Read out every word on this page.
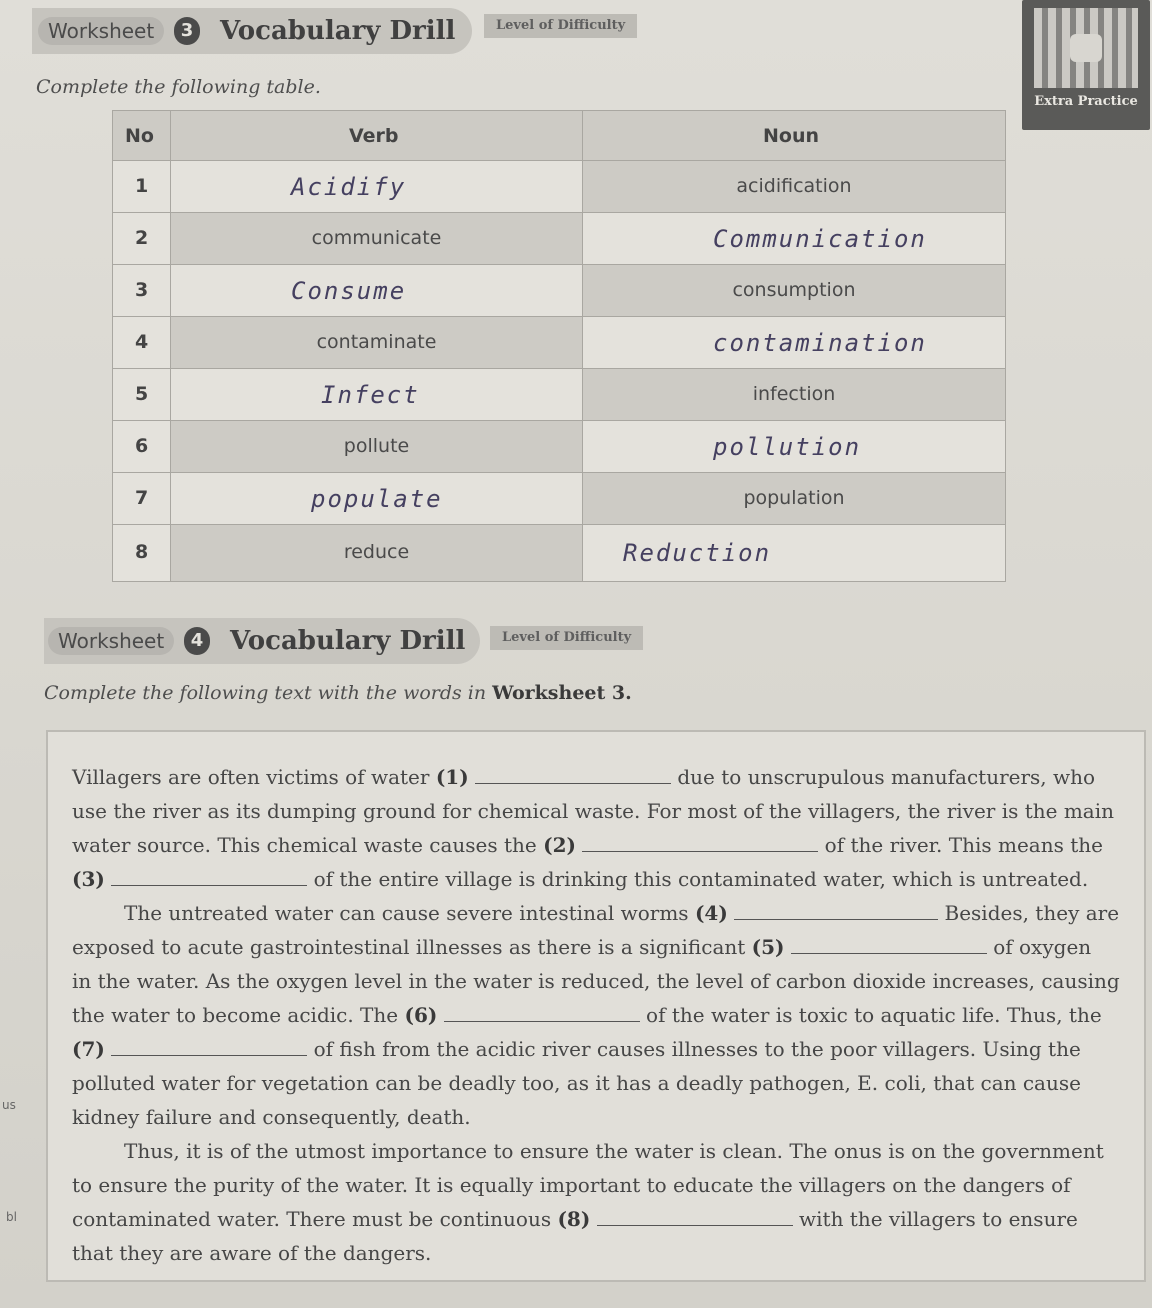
Worksheet	3 Vocabulary Drill	Level of Difficulty
Complete the following table.
Extra Practice
No	Verb	Noun
1	Acidify	acidification
2	communicate	Communication
3	Consume	consumption
4	contaminate	contamination
5	Infect	infection
6	pollute	pollution
7	populate	population
8	reduce	Reduction
Worksheet	4 Vocabulary Drill	Level of Difficulty
Complete the following text with the words in Worksheet 3.
Villagers are often victims of water (1)	due to unscrupulous manufacturers, who
use the river as its dumping ground for chemical waste. For most of the villagers, the river is the main
water source. This chemical waste causes the (2)	of the river. This means the
(3)	of the entire village is drinking this contaminated water, which is untreated.
The untreated water can cause severe intestinal worms (4)	Besides, they are
exposed to acute gastrointestinal illnesses as there is a significant (5)	of oxygen
in the water. As the oxygen level in the water is reduced, the level of carbon dioxide increases, causing
the water to become acidic. The (6)	of the water is toxic to aquatic life. Thus, the
(7)	of fish from the acidic river causes illnesses to the poor villagers. Using the
polluted water for vegetation can be deadly too, as it has a deadly pathogen, E. coli, that can cause
kidney failure and consequently, death.
Thus, it is of the utmost importance to ensure the water is clean. The onus is on the government
to ensure the purity of the water. It is equally important to educate the villagers on the dangers of
contaminated water. There must be continuous (8)	with the villagers to ensure
that they are aware of the dangers.
us
bl
